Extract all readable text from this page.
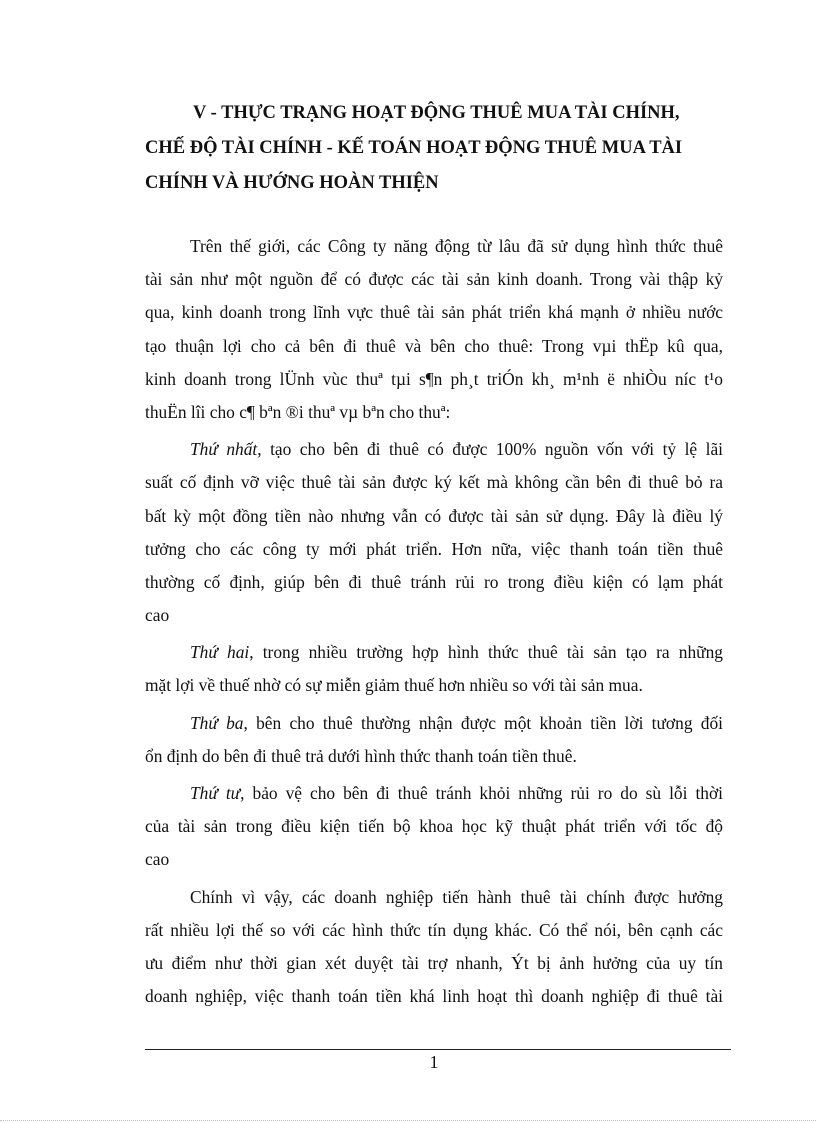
V - THỰC TRẠNG HOẠT ĐỘNG THUÊ MUA TÀI CHÍNH,
CHẾ ĐỘ TÀI CHÍNH - KẾ TOÁN HOẠT ĐỘNG THUÊ MUA TÀI
CHÍNH VÀ HƯỚNG HOÀN THIỆN
Trên thế giới, các Công ty năng động từ lâu đã sử dụng hình thức thuê
tài sản như một nguồn để có được các tài sản kinh doanh. Trong vài thập kỷ
qua, kinh doanh trong lĩnh vực thuê tài sản phát triển khá mạnh ở nhiều nước
tạo thuận lợi cho cả bên đi thuê và bên cho thuê: Trong vµi thËp kû qua,
kinh doanh trong lÜnh vùc thuª tµi s¶n ph¸t triÓn kh¸ m¹nh ë nhiÒu níc t¹o
thuËn lîi cho c¶ bªn ®i thuª vµ bªn cho thuª:
Thứ nhất, tạo cho bên đi thuê có được 100% nguồn vốn với tỷ lệ lãi
suất cố định vỡ việc thuê tài sản được ký kết mà không cần bên đi thuê bỏ ra
bất kỳ một đồng tiền nào nhưng vẫn có được tài sản sử dụng. Đây là điều lý
tưởng cho các công ty mới phát triển. Hơn nữa, việc thanh toán tiền thuê
thường cố định, giúp bên đi thuê tránh rủi ro trong điều kiện có lạm phát
cao
Thứ hai, trong nhiều trường hợp hình thức thuê tài sản tạo ra những
mặt lợi về thuế nhờ có sự miễn giảm thuế hơn nhiều so với tài sản mua.
Thứ ba, bên cho thuê thường nhận được một khoản tiền lời tương đối
ổn định do bên đi thuê trả dưới hình thức thanh toán tiền thuê.
Thứ tư, bảo vệ cho bên đi thuê tránh khỏi những rủi ro do sù lỗi thời
của tài sản trong điều kiện tiến bộ khoa học kỹ thuật phát triển với tốc độ
cao
Chính vì vậy, các doanh nghiệp tiến hành thuê tài chính được hưởng
rất nhiều lợi thế so với các hình thức tín dụng khác. Có thể nói, bên cạnh các
ưu điểm như thời gian xét duyệt tài trợ nhanh, Ýt bị ảnh hưởng của uy tín
doanh nghiệp, việc thanh toán tiền khá linh hoạt thì doanh nghiệp đi thuê tài
1
